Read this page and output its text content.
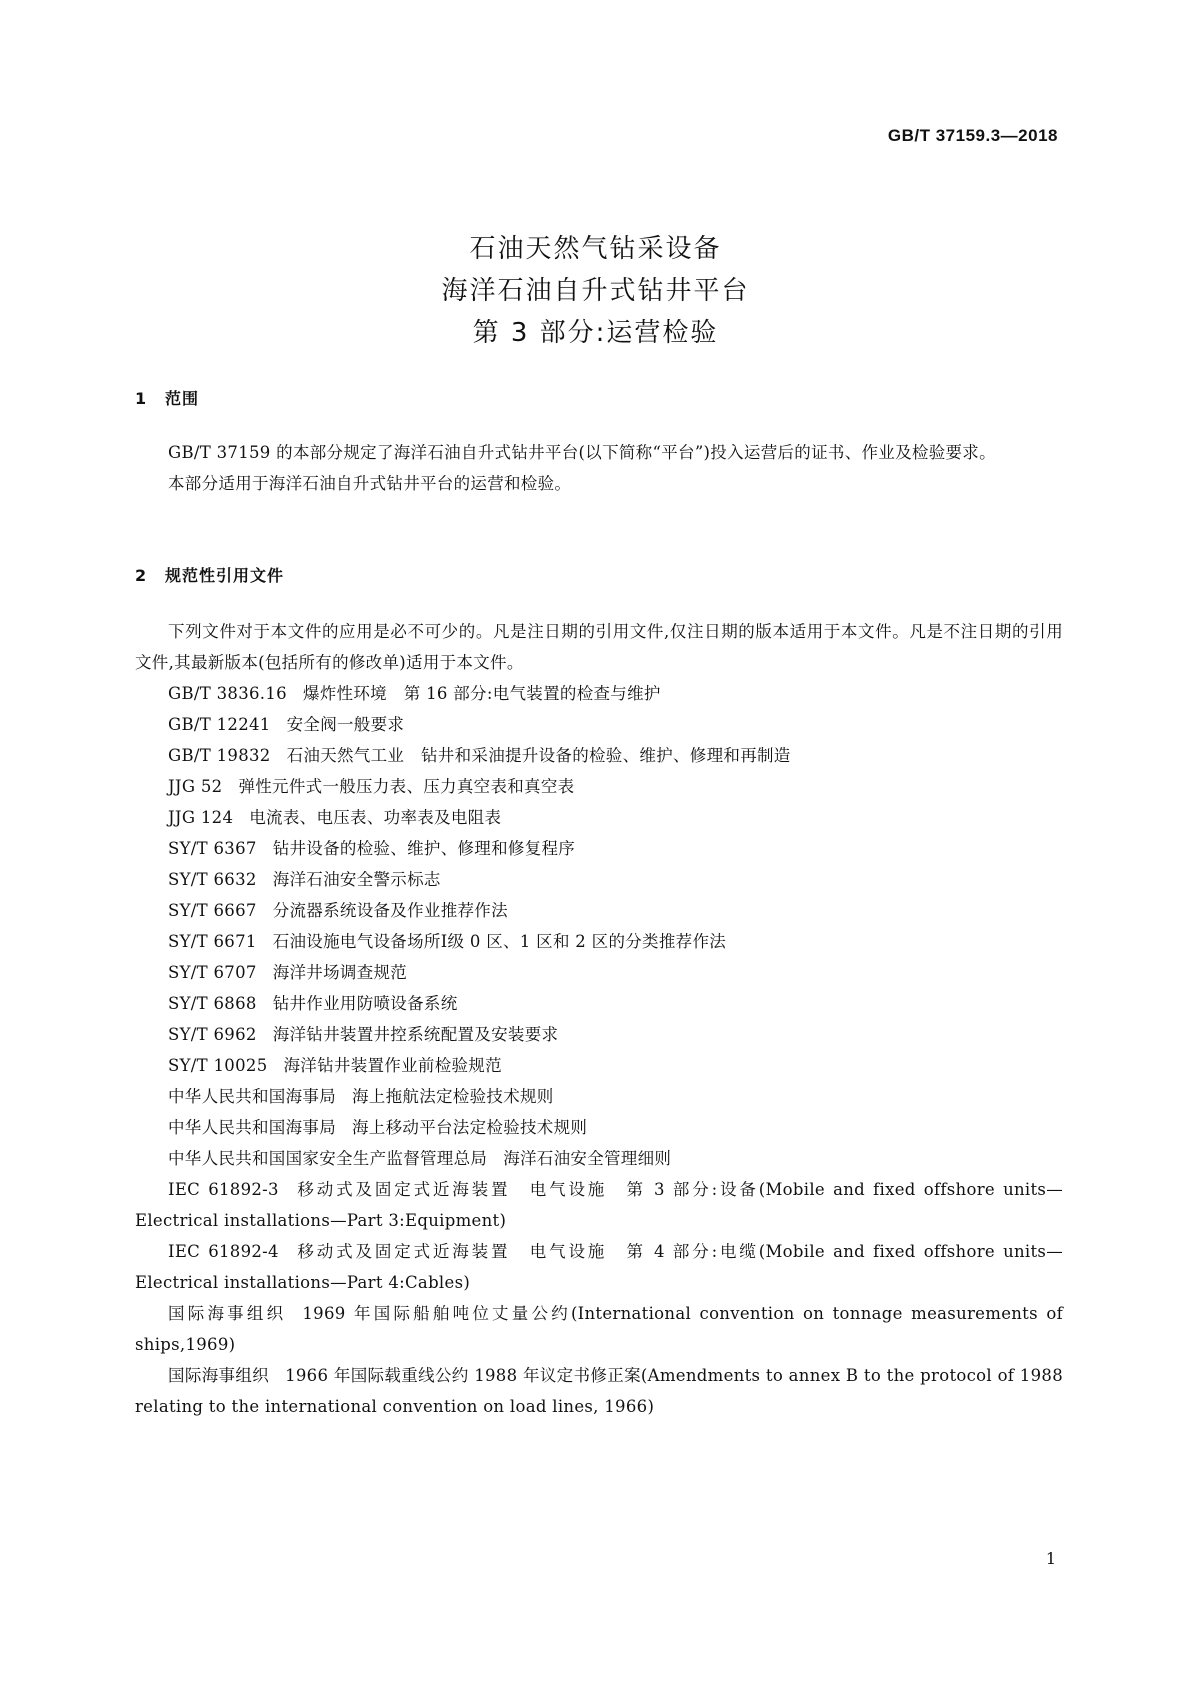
GB/T 37159.3—2018
石油天然气钻采设备
海洋石油自升式钻井平台
第 3 部分:运营检验
1 范围

GB/T 37159 的本部分规定了海洋石油自升式钻井平台(以下简称“平台”)投入运营后的证书、作业及检验要求。

本部分适用于海洋石油自升式钻井平台的运营和检验。

2 规范性引用文件

下列文件对于本文件的应用是必不可少的。凡是注日期的引用文件,仅注日期的版本适用于本文件。凡是不注日期的引用文件,其最新版本(包括所有的修改单)适用于本文件。

GB/T 3836.16 爆炸性环境　第 16 部分:电气装置的检查与维护

GB/T 12241 安全阀一般要求

GB/T 19832 石油天然气工业　钻井和采油提升设备的检验、维护、修理和再制造

JJG 52 弹性元件式一般压力表、压力真空表和真空表

JJG 124 电流表、电压表、功率表及电阻表

SY/T 6367 钻井设备的检验、维护、修理和修复程序

SY/T 6632 海洋石油安全警示标志

SY/T 6667 分流器系统设备及作业推荐作法

SY/T 6671 石油设施电气设备场所Ⅰ级 0 区、1 区和 2 区的分类推荐作法

SY/T 6707 海洋井场调查规范

SY/T 6868 钻井作业用防喷设备系统

SY/T 6962 海洋钻井装置井控系统配置及安装要求

SY/T 10025 海洋钻井装置作业前检验规范

中华人民共和国海事局 海上拖航法定检验技术规则

中华人民共和国海事局 海上移动平台法定检验技术规则

中华人民共和国国家安全生产监督管理总局 海洋石油安全管理细则

IEC 61892-3 移动式及固定式近海装置　电气设施　第 3 部分:设备(Mobile and fixed offshore units—Electrical installations—Part 3:Equipment)

IEC 61892-4 移动式及固定式近海装置　电气设施　第 4 部分:电缆(Mobile and fixed offshore units—Electrical installations—Part 4:Cables)

国际海事组织 1969 年国际船舶吨位丈量公约(International convention on tonnage measurements of ships,1969)

国际海事组织 1966 年国际载重线公约 1988 年议定书修正案(Amendments to annex B to the protocol of 1988 relating to the international convention on load lines, 1966)

1
